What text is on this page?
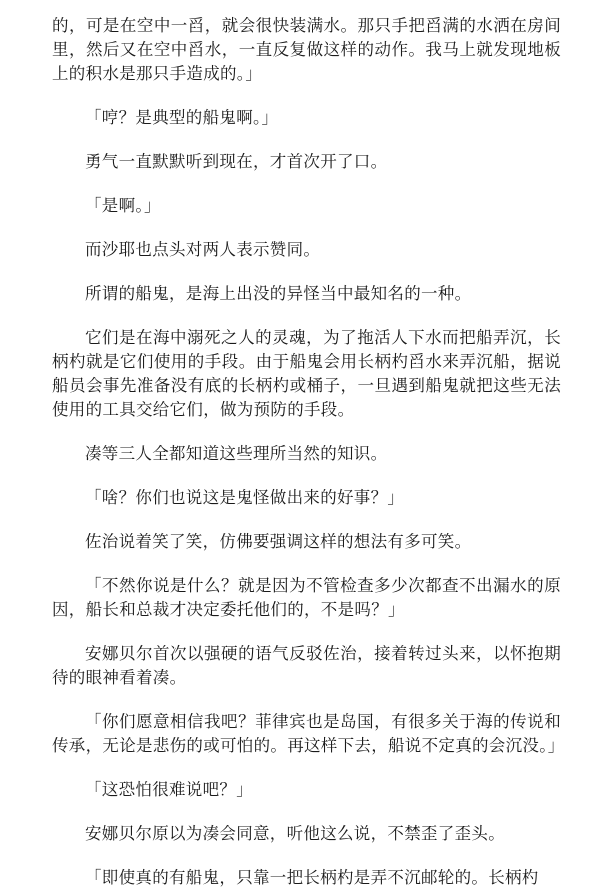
的，可是在空中一舀，就会很快装满水。那只手把舀满的水洒在房间里，然后又在空中舀水，一直反复做这样的动作。我马上就发现地板上的积水是那只手造成的。」

「哼？是典型的船鬼啊。」

勇气一直默默听到现在，才首次开了口。

「是啊。」

而沙耶也点头对两人表示赞同。

所谓的船鬼，是海上出没的异怪当中最知名的一种。

它们是在海中溺死之人的灵魂，为了拖活人下水而把船弄沉，长柄杓就是它们使用的手段。由于船鬼会用长柄杓舀水来弄沉船，据说船员会事先准备没有底的长柄杓或桶子，一旦遇到船鬼就把这些无法使用的工具交给它们，做为预防的手段。

凑等三人全都知道这些理所当然的知识。

「啥？你们也说这是鬼怪做出来的好事？」

佐治说着笑了笑，仿佛要强调这样的想法有多可笑。

「不然你说是什么？就是因为不管检查多少次都查不出漏水的原因，船长和总裁才决定委托他们的，不是吗？」

安娜贝尔首次以强硬的语气反驳佐治，接着转过头来，以怀抱期待的眼神看着凑。

「你们愿意相信我吧？菲律宾也是岛国，有很多关于海的传说和传承，无论是悲伤的或可怕的。再这样下去，船说不定真的会沉没。」

「这恐怕很难说吧？」

安娜贝尔原以为凑会同意，听他这么说，不禁歪了歪头。

「即使真的有船鬼，只靠一把长柄杓是弄不沉邮轮的。长柄杓
